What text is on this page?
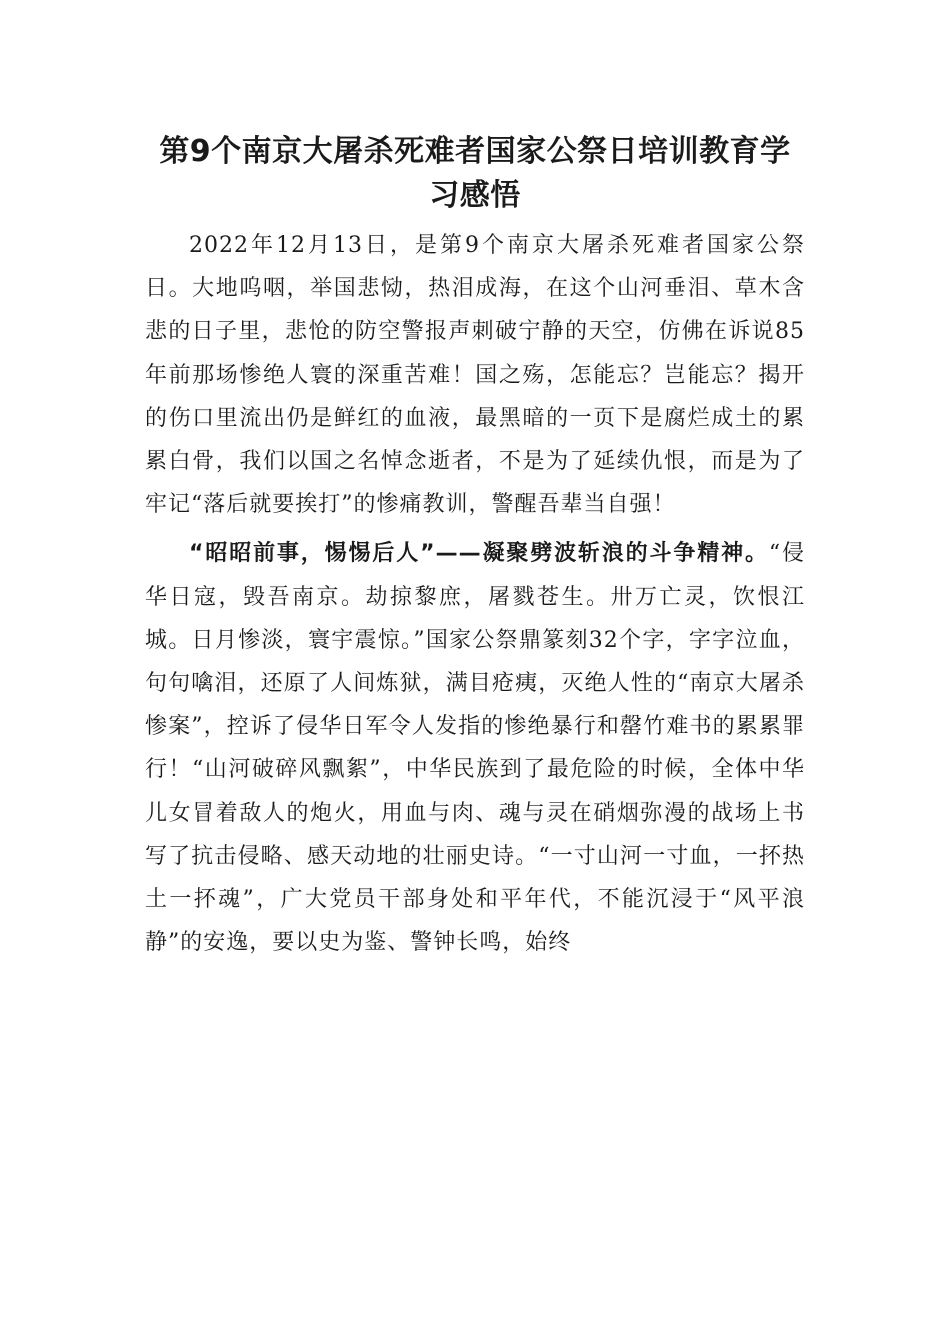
第9个南京大屠杀死难者国家公祭日培训教育学习感悟

2022年12月13日，是第9个南京大屠杀死难者国家公祭日。大地呜咽，举国悲恸，热泪成海，在这个山河垂泪、草木含悲的日子里，悲怆的防空警报声刺破宁静的天空，仿佛在诉说85年前那场惨绝人寰的深重苦难！国之殇，怎能忘？岂能忘？揭开的伤口里流出仍是鲜红的血液，最黑暗的一页下是腐烂成土的累累白骨，我们以国之名悼念逝者，不是为了延续仇恨，而是为了牢记“落后就要挨打”的惨痛教训，警醒吾辈当自强！

“昭昭前事，惕惕后人”——凝聚劈波斩浪的斗争精神。“侵华日寇，毁吾南京。劫掠黎庶，屠戮苍生。卅万亡灵，饮恨江城。日月惨淡，寰宇震惊。”国家公祭鼎篆刻32个字，字字泣血，句句噙泪，还原了人间炼狱，满目疮痍，灭绝人性的“南京大屠杀惨案”，控诉了侵华日军令人发指的惨绝暴行和罄竹难书的累累罪行！“山河破碎风飘絮”，中华民族到了最危险的时候，全体中华儿女冒着敌人的炮火，用血与肉、魂与灵在硝烟弥漫的战场上书写了抗击侵略、感天动地的壮丽史诗。“一寸山河一寸血，一抔热土一抔魂”，广大党员干部身处和平年代，不能沉浸于“风平浪静”的安逸，要以史为鉴、警钟长鸣，始终
